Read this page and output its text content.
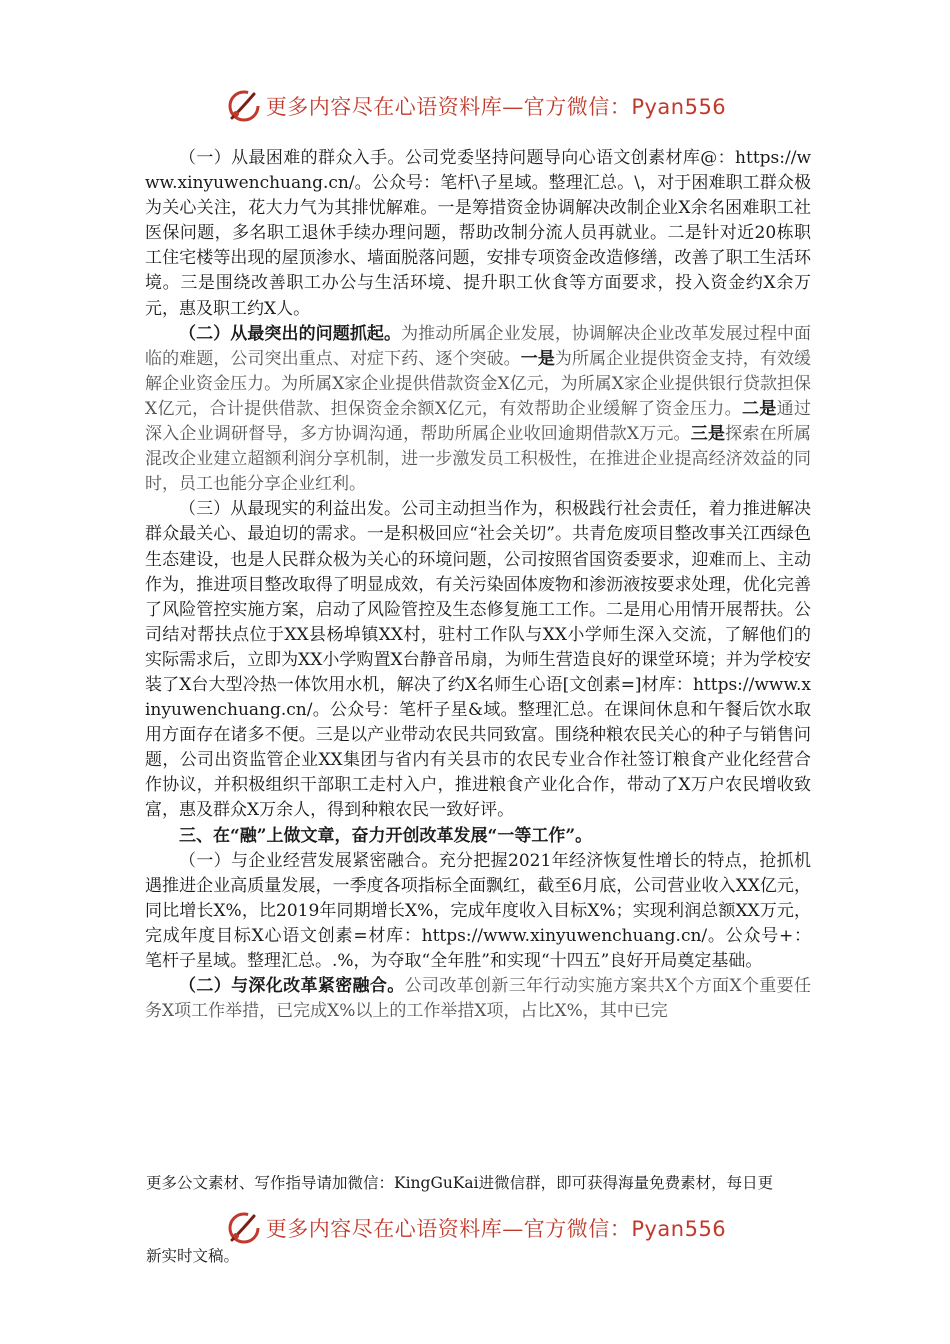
更多内容尽在心语资料库—官方微信：Pyan556

（一）从最困难的群众入手。公司党委坚持问题导向心语文创素材库@：https://www.xinyuwenchuang.cn/。公众号：笔杆\子星域。整理汇总。\，对于困难职工群众极为关心关注，花大力气为其排忧解难。一是筹措资金协调解决改制企业X余名困难职工社医保问题，多名职工退休手续办理问题，帮助改制分流人员再就业。二是针对近20栋职工住宅楼等出现的屋顶渗水、墙面脱落问题，安排专项资金改造修缮，改善了职工生活环境。三是围绕改善职工办公与生活环境、提升职工伙食等方面要求，投入资金约X余万元，惠及职工约X人。

（二）从最突出的问题抓起。为推动所属企业发展，协调解决企业改革发展过程中面临的难题，公司突出重点、对症下药、逐个突破。一是为所属企业提供资金支持，有效缓解企业资金压力。为所属X家企业提供借款资金X亿元，为所属X家企业提供银行贷款担保X亿元，合计提供借款、担保资金余额X亿元，有效帮助企业缓解了资金压力。二是通过深入企业调研督导，多方协调沟通，帮助所属企业收回逾期借款X万元。三是探索在所属混改企业建立超额利润分享机制，进一步激发员工积极性，在推进企业提高经济效益的同时，员工也能分享企业红利。

（三）从最现实的利益出发。公司主动担当作为，积极践行社会责任，着力推进解决群众最关心、最迫切的需求。一是积极回应“社会关切”。共青危废项目整改事关江西绿色生态建设，也是人民群众极为关心的环境问题，公司按照省国资委要求，迎难而上、主动作为，推进项目整改取得了明显成效，有关污染固体废物和渗沥液按要求处理，优化完善了风险管控实施方案，启动了风险管控及生态修复施工工作。二是用心用情开展帮扶。公司结对帮扶点位于XX县杨埠镇XX村，驻村工作队与XX小学师生深入交流，了解他们的实际需求后，立即为XX小学购置X台静音吊扇，为师生营造良好的课堂环境；并为学校安装了X台大型冷热一体饮用水机，解决了约X名师生心语[文创素=]材库：https://www.xinyuwenchuang.cn/。公众号：笔杆子星&域。整理汇总。在课间休息和午餐后饮水取用方面存在诸多不便。三是以产业带动农民共同致富。围绕种粮农民关心的种子与销售问题，公司出资监管企业XX集团与省内有关县市的农民专业合作社签订粮食产业化经营合作协议，并积极组织干部职工走村入户，推进粮食产业化合作，带动了X万户农民增收致富，惠及群众X万余人，得到种粮农民一致好评。

三、在“融”上做文章，奋力开创改革发展“一等工作”。

（一）与企业经营发展紧密融合。充分把握2021年经济恢复性增长的特点，抢抓机遇推进企业高质量发展，一季度各项指标全面飘红，截至6月底，公司营业收入XX亿元，同比增长X%，比2019年同期增长X%，完成年度收入目标X%；实现利润总额XX万元，完成年度目标X心语文创素=材库：https://www.xinyuwenchuang.cn/。公众号+：笔杆子星域。整理汇总。.%，为夺取“全年胜”和实现“十四五”良好开局奠定基础。

（二）与深化改革紧密融合。公司改革创新三年行动实施方案共X个方面X个重要任务X项工作举措，已完成X%以上的工作举措X项，占比X%，其中已完

更多公文素材、写作指导请加微信：KingGuKai进微信群，即可获得海量免费素材，每日更
更多内容尽在心语资料库—官方微信：Pyan556
新实时文稿。
